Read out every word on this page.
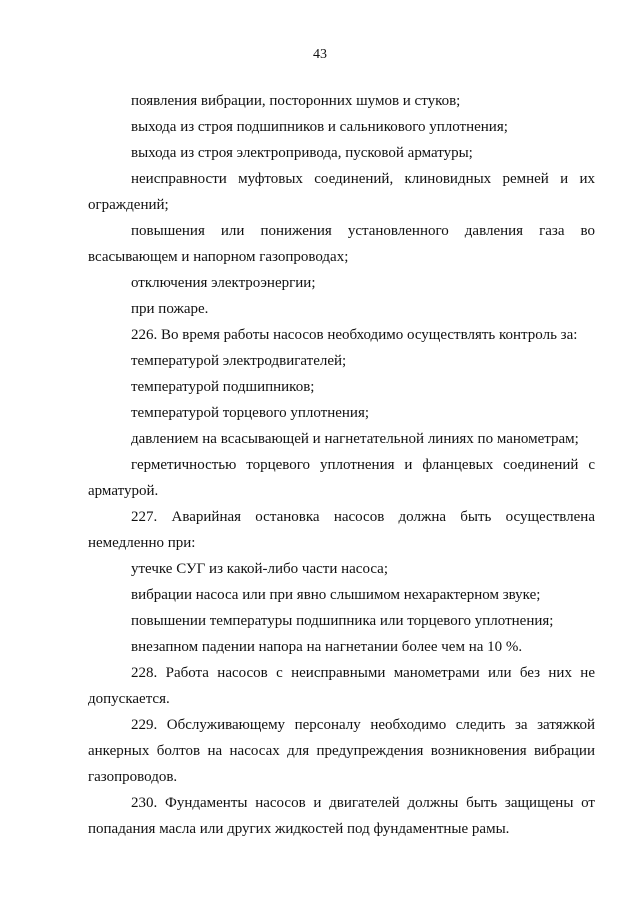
43

появления вибрации, посторонних шумов и стуков;

выхода из строя подшипников и сальникового уплотнения;

выхода из строя электропривода, пусковой арматуры;

неисправности муфтовых соединений, клиновидных ремней и их ограждений;

повышения или понижения установленного давления газа во всасывающем и напорном газопроводах;

отключения электроэнергии;

при пожаре.

226. Во время работы насосов необходимо осуществлять контроль за:

температурой электродвигателей;

температурой подшипников;

температурой торцевого уплотнения;

давлением на всасывающей и нагнетательной линиях по манометрам;

герметичностью торцевого уплотнения и фланцевых соединений с арматурой.

227. Аварийная остановка насосов должна быть осуществлена немедленно при:

утечке СУГ из какой-либо части насоса;

вибрации насоса или при явно слышимом нехарактерном звуке;

повышении температуры подшипника или торцевого уплотнения;

внезапном падении напора на нагнетании более чем на 10 %.

228. Работа насосов с неисправными манометрами или без них не допускается.

229. Обслуживающему персоналу необходимо следить за затяжкой анкерных болтов на насосах для предупреждения возникновения вибрации газопроводов.

230. Фундаменты насосов и двигателей должны быть защищены от попадания масла или других жидкостей под фундаментные рамы.
